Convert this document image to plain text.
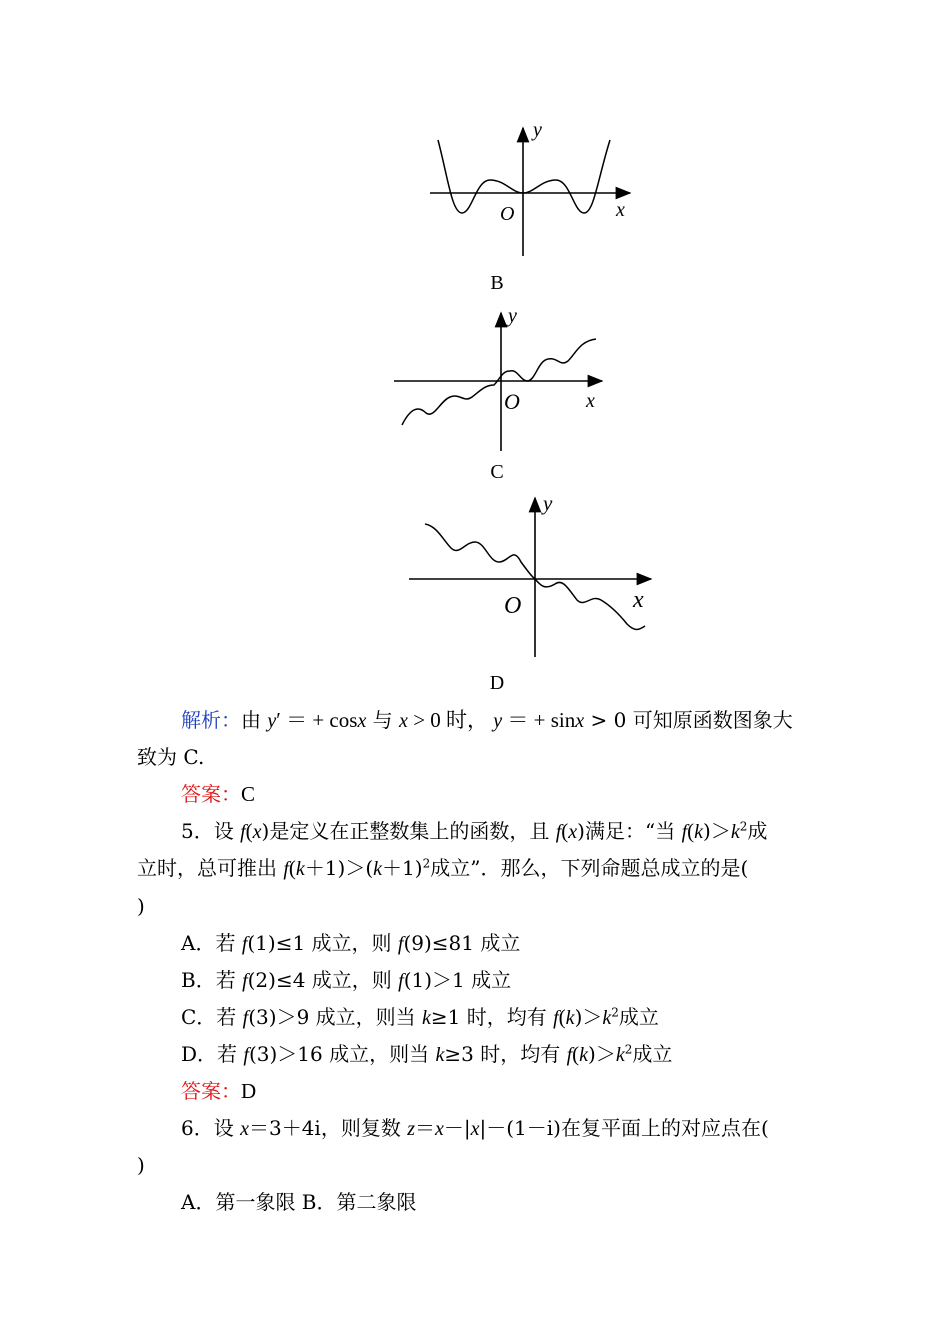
y
x
O
B
y
x
O
C
y
x
O
D
解析：由 y′ ＝ + cosx 与 x > 0 时， y ＝ + sinx > 0 可知原函数图象大
致为 C.
答案：C
5．设 f(x)是定义在正整数集上的函数，且 f(x)满足：“当 $f(k)>k^2$成
立时，总可推出 $f(k+1)>(k+1)^2$成立”．那么，下列命题总成立的是(
)
A．若 f(1)≤1 成立，则 f(9)≤81 成立
B．若 f(2)≤4 成立，则 f(1)＞1 成立
C．若 f(3)＞9 成立，则当 k≥1 时，均有 $f(k)>k^2$成立
D．若 f(3)＞16 成立，则当 k≥3 时，均有 $f(k)>k^2$成立
答案：D
6．设 x＝3＋4i，则复数 z＝x－|x|－(1－i)在复平面上的对应点在(
)
A．第一象限 B．第二象限
